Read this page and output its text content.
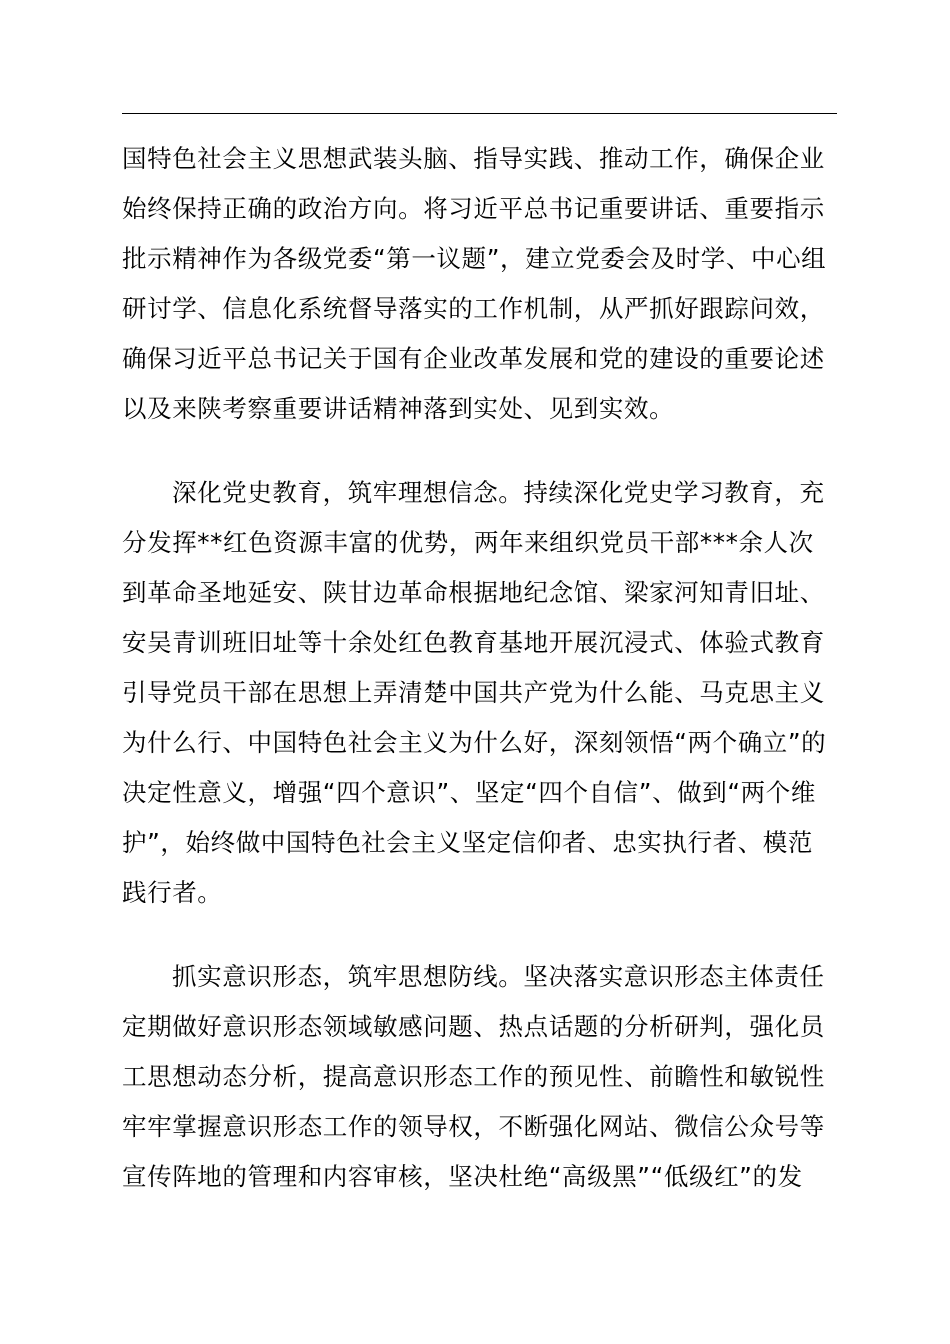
国特色社会主义思想武装头脑、指导实践、推动工作，确保企业
始终保持正确的政治方向。将习近平总书记重要讲话、重要指示
批示精神作为各级党委“第一议题”，建立党委会及时学、中心组
研讨学、信息化系统督导落实的工作机制，从严抓好跟踪问效，
确保习近平总书记关于国有企业改革发展和党的建设的重要论述
以及来陕考察重要讲话精神落到实处、见到实效。
深化党史教育，筑牢理想信念。持续深化党史学习教育，充
分发挥**红色资源丰富的优势，两年来组织党员干部***余人次
到革命圣地延安、陕甘边革命根据地纪念馆、梁家河知青旧址、
安吴青训班旧址等十余处红色教育基地开展沉浸式、体验式教育
引导党员干部在思想上弄清楚中国共产党为什么能、马克思主义
为什么行、中国特色社会主义为什么好，深刻领悟“两个确立”的
决定性意义，增强“四个意识”、坚定“四个自信”、做到“两个维
护”，始终做中国特色社会主义坚定信仰者、忠实执行者、模范
践行者。
抓实意识形态，筑牢思想防线。坚决落实意识形态主体责任
定期做好意识形态领域敏感问题、热点话题的分析研判，强化员
工思想动态分析，提高意识形态工作的预见性、前瞻性和敏锐性
牢牢掌握意识形态工作的领导权，不断强化网站、微信公众号等
宣传阵地的管理和内容审核，坚决杜绝“高级黑”“低级红”的发
